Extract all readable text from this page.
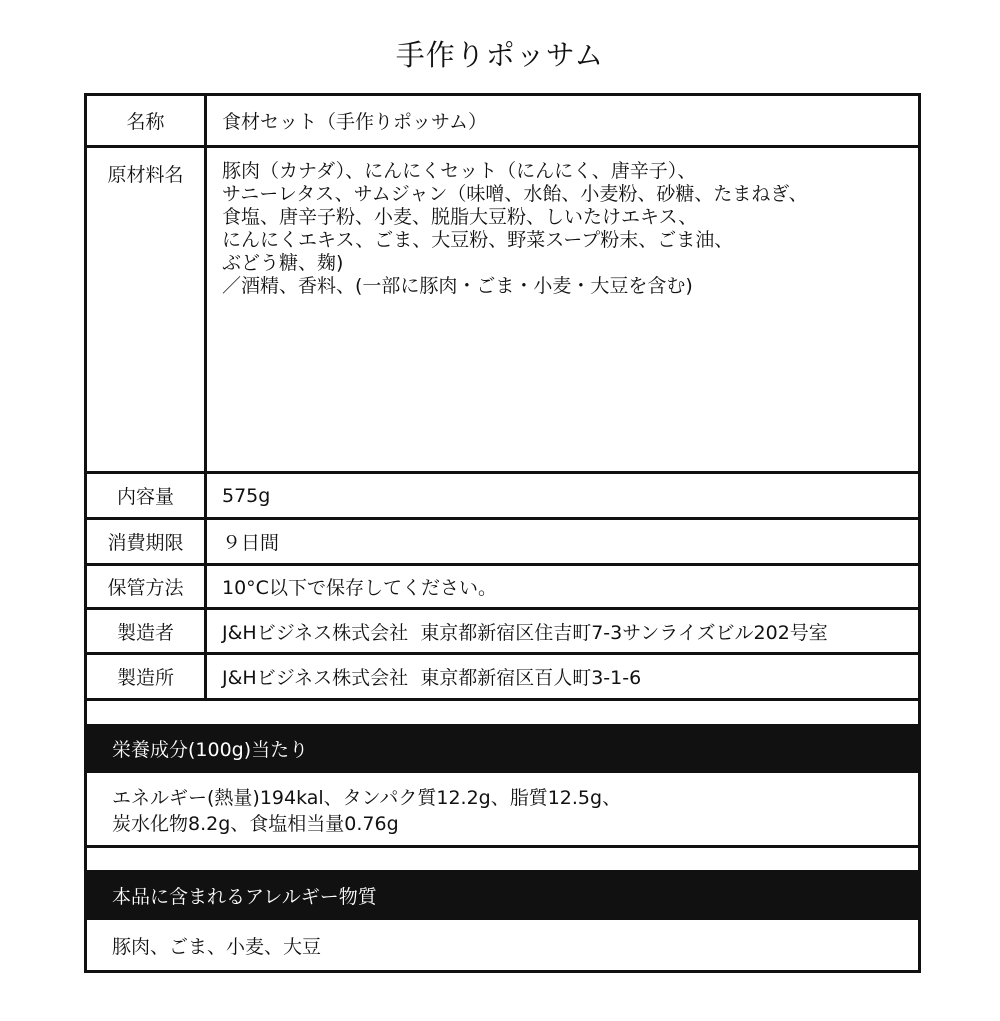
手作りポッサム
名称	食材セット（手作りポッサム）
原材料名	豚肉（カナダ）、にんにくセット（にんにく、唐辛子）、
サニーレタス、サムジャン（味噌、水飴、小麦粉、砂糖、たまねぎ、
食塩、唐辛子粉、小麦、脱脂大豆粉、しいたけエキス、
にんにくエキス、ごま、大豆粉、野菜スープ粉末、ごま油、
ぶどう糖、麹)
／酒精、香料、(一部に豚肉・ごま・小麦・大豆を含む)
内容量	575g
消費期限	９日間
保管方法	10°C以下で保存してください。
製造者	J&Hビジネス株式会社  東京都新宿区住吉町7-3サンライズビル202号室
製造所	J&Hビジネス株式会社  東京都新宿区百人町3-1-6
栄養成分(100g)当たり
エネルギー(熱量)194kal、タンパク質12.2g、脂質12.5g、
炭水化物8.2g、食塩相当量0.76g
本品に含まれるアレルギー物質
豚肉、ごま、小麦、大豆
